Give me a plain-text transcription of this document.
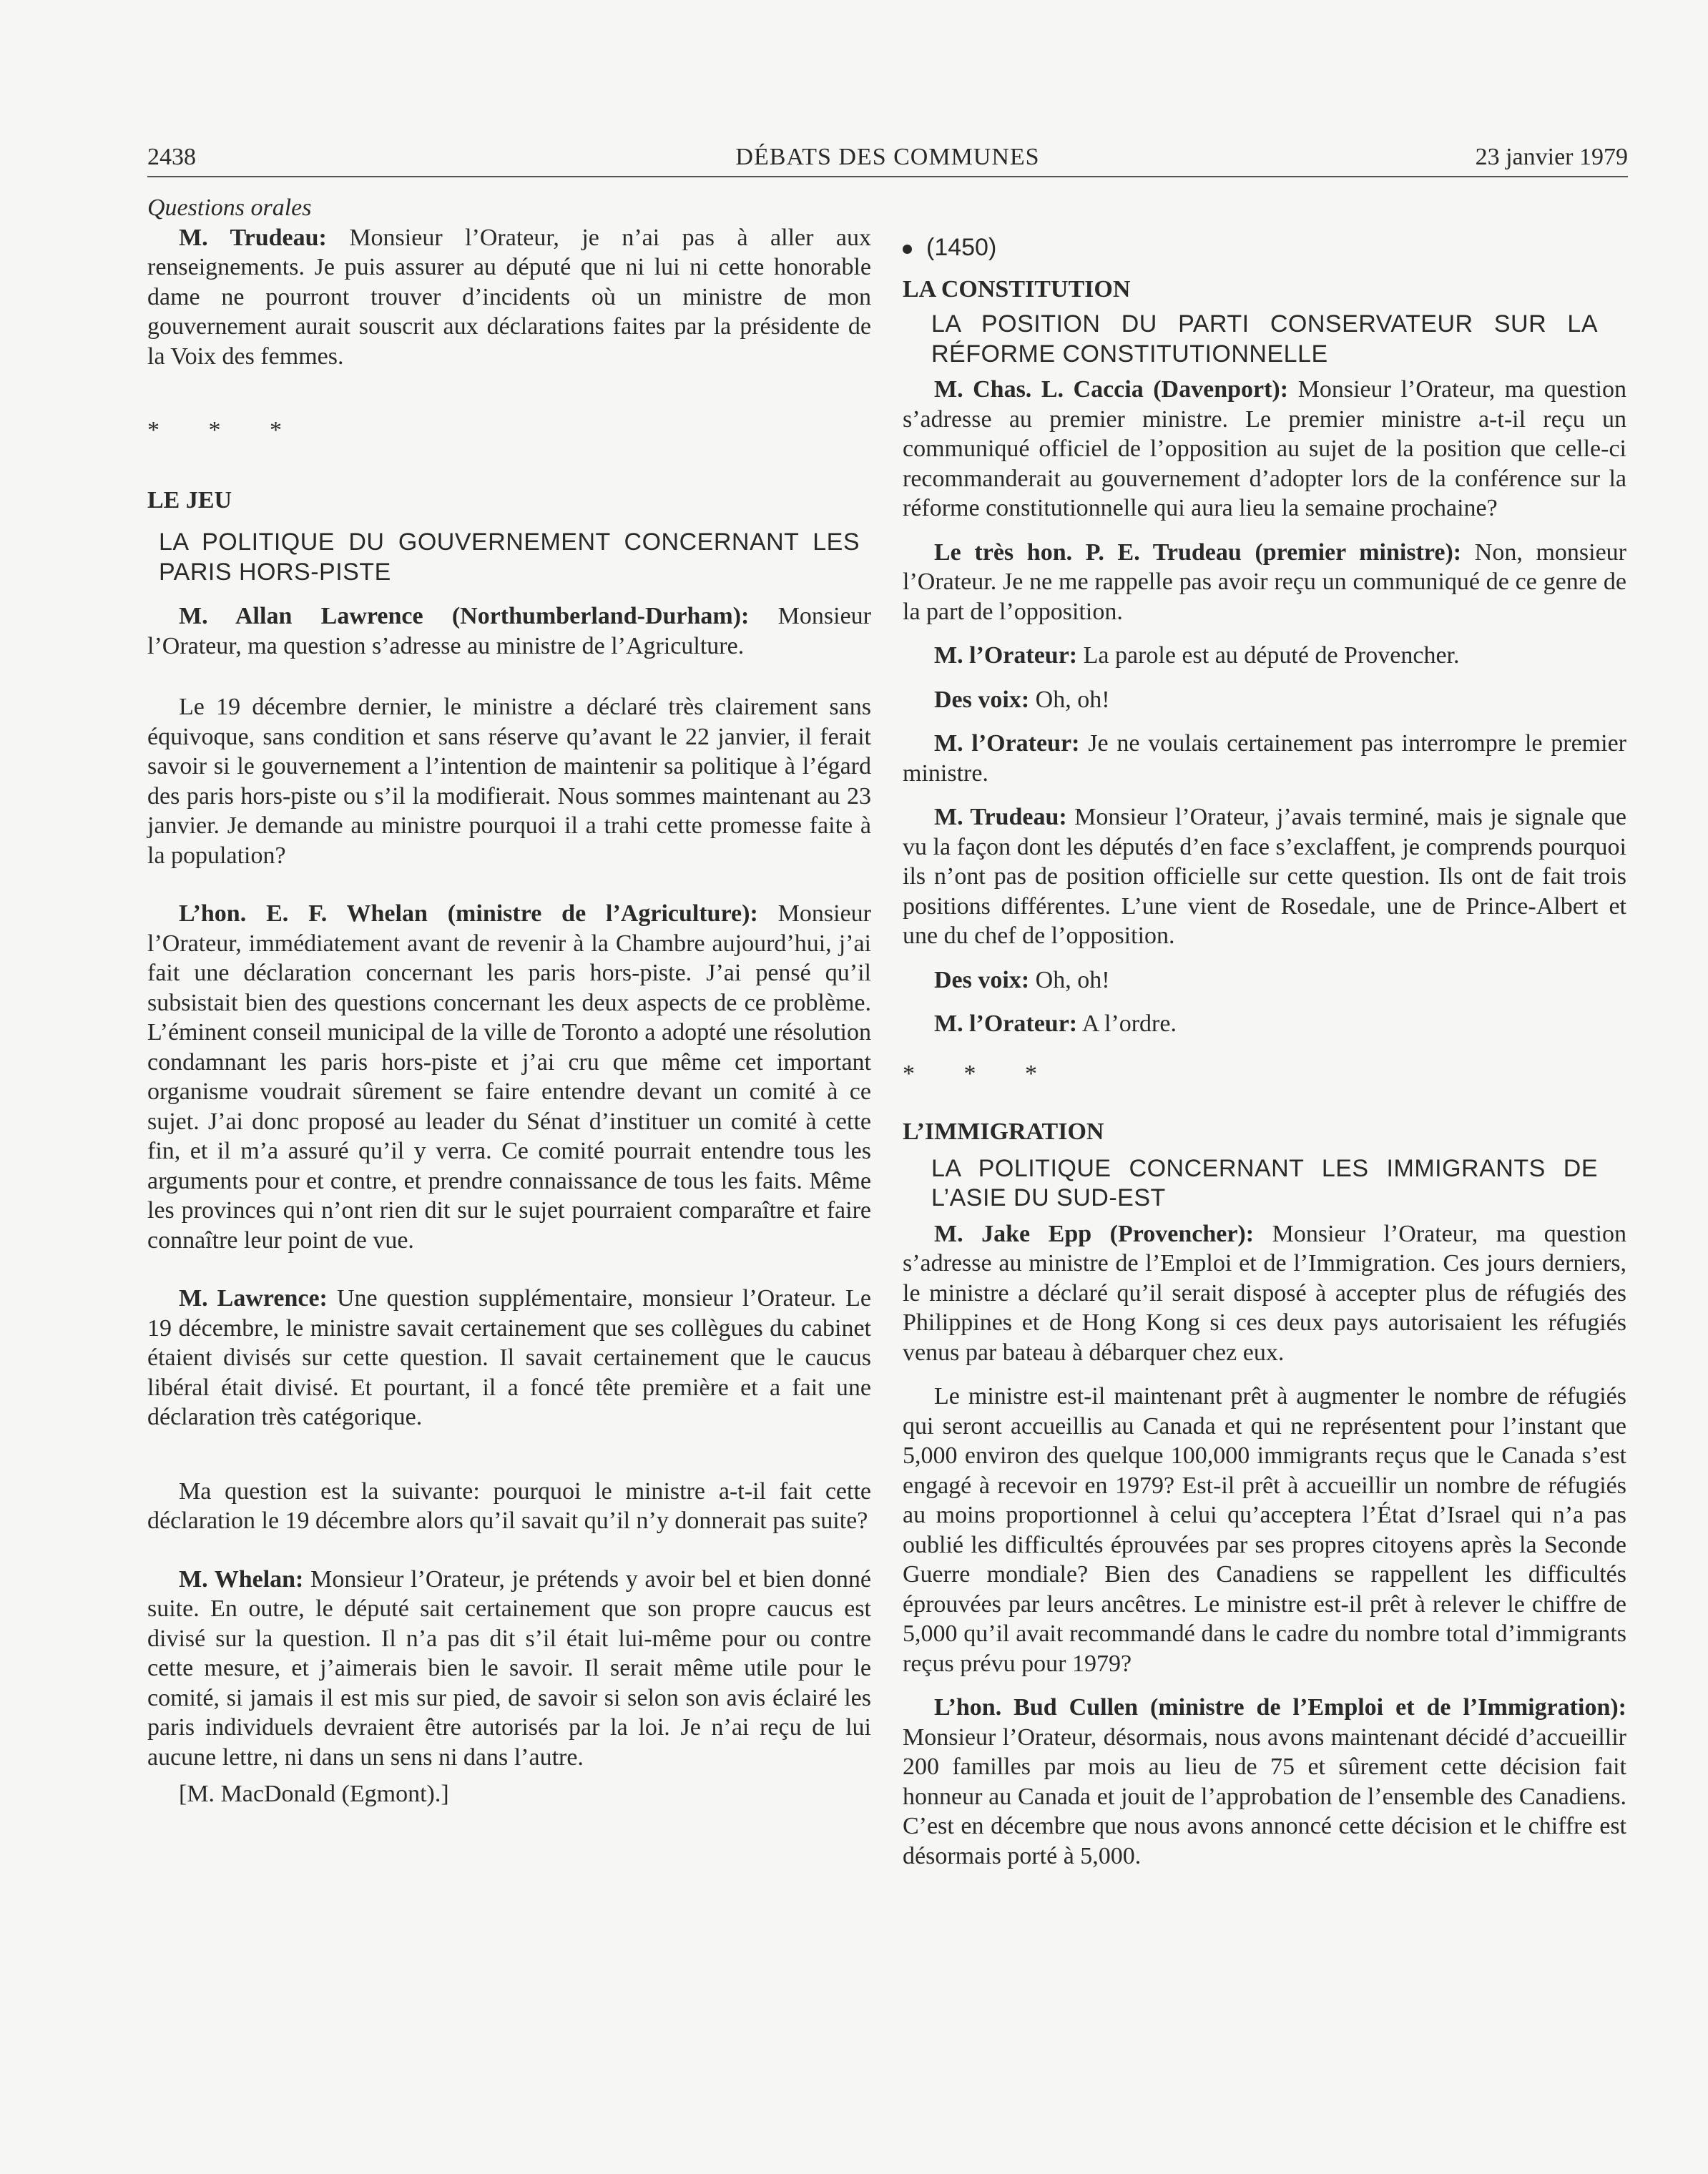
2438	DÉBATS DES COMMUNES	23 janvier 1979

Questions orales

M. Trudeau: Monsieur l’Orateur, je n’ai pas à aller aux renseignements. Je puis assurer au député que ni lui ni cette honorable dame ne pourront trouver d’incidents où un ministre de mon gouvernement aurait souscrit aux déclarations faites par la présidente de la Voix des femmes.

* * *

LE JEU

LA POLITIQUE DU GOUVERNEMENT CONCERNANT LES PARIS HORS-PISTE

M. Allan Lawrence (Northumberland-Durham): Monsieur l’Orateur, ma question s’adresse au ministre de l’Agriculture.

Le 19 décembre dernier, le ministre a déclaré très clairement sans équivoque, sans condition et sans réserve qu’avant le 22 janvier, il ferait savoir si le gouvernement a l’intention de maintenir sa politique à l’égard des paris hors-piste ou s’il la modifierait. Nous sommes maintenant au 23 janvier. Je demande au ministre pourquoi il a trahi cette promesse faite à la population?

L’hon. E. F. Whelan (ministre de l’Agriculture): Monsieur l’Orateur, immédiatement avant de revenir à la Chambre aujourd’hui, j’ai fait une déclaration concernant les paris hors-piste. J’ai pensé qu’il subsistait bien des questions concernant les deux aspects de ce problème. L’éminent conseil municipal de la ville de Toronto a adopté une résolution condamnant les paris hors-piste et j’ai cru que même cet important organisme voudrait sûrement se faire entendre devant un comité à ce sujet. J’ai donc proposé au leader du Sénat d’instituer un comité à cette fin, et il m’a assuré qu’il y verra. Ce comité pourrait entendre tous les arguments pour et contre, et prendre connaissance de tous les faits. Même les provinces qui n’ont rien dit sur le sujet pourraient comparaître et faire connaître leur point de vue.

M. Lawrence: Une question supplémentaire, monsieur l’Orateur. Le 19 décembre, le ministre savait certainement que ses collègues du cabinet étaient divisés sur cette question. Il savait certainement que le caucus libéral était divisé. Et pourtant, il a foncé tête première et a fait une déclaration très catégorique.

Ma question est la suivante: pourquoi le ministre a-t-il fait cette déclaration le 19 décembre alors qu’il savait qu’il n’y donnerait pas suite?

M. Whelan: Monsieur l’Orateur, je prétends y avoir bel et bien donné suite. En outre, le député sait certainement que son propre caucus est divisé sur la question. Il n’a pas dit s’il était lui-même pour ou contre cette mesure, et j’aimerais bien le savoir. Il serait même utile pour le comité, si jamais il est mis sur pied, de savoir si selon son avis éclairé les paris individuels devraient être autorisés par la loi. Je n’ai reçu de lui aucune lettre, ni dans un sens ni dans l’autre.

[M. MacDonald (Egmont).]

(1450)

LA CONSTITUTION

LA POSITION DU PARTI CONSERVATEUR SUR LA RÉFORME CONSTITUTIONNELLE

M. Chas. L. Caccia (Davenport): Monsieur l’Orateur, ma question s’adresse au premier ministre. Le premier ministre a-t-il reçu un communiqué officiel de l’opposition au sujet de la position que celle-ci recommanderait au gouvernement d’adopter lors de la conférence sur la réforme constitutionnelle qui aura lieu la semaine prochaine?

Le très hon. P. E. Trudeau (premier ministre): Non, monsieur l’Orateur. Je ne me rappelle pas avoir reçu un communiqué de ce genre de la part de l’opposition.

M. l’Orateur: La parole est au député de Provencher.

Des voix: Oh, oh!

M. l’Orateur: Je ne voulais certainement pas interrompre le premier ministre.

M. Trudeau: Monsieur l’Orateur, j’avais terminé, mais je signale que vu la façon dont les députés d’en face s’exclaffent, je comprends pourquoi ils n’ont pas de position officielle sur cette question. Ils ont de fait trois positions différentes. L’une vient de Rosedale, une de Prince-Albert et une du chef de l’opposition.

Des voix: Oh, oh!

M. l’Orateur: A l’ordre.

* * *

L’IMMIGRATION

LA POLITIQUE CONCERNANT LES IMMIGRANTS DE L’ASIE DU SUD-EST

M. Jake Epp (Provencher): Monsieur l’Orateur, ma question s’adresse au ministre de l’Emploi et de l’Immigration. Ces jours derniers, le ministre a déclaré qu’il serait disposé à accepter plus de réfugiés des Philippines et de Hong Kong si ces deux pays autorisaient les réfugiés venus par bateau à débarquer chez eux.

Le ministre est-il maintenant prêt à augmenter le nombre de réfugiés qui seront accueillis au Canada et qui ne représentent pour l’instant que 5,000 environ des quelque 100,000 immigrants reçus que le Canada s’est engagé à recevoir en 1979? Est-il prêt à accueillir un nombre de réfugiés au moins proportionnel à celui qu’acceptera l’État d’Israel qui n’a pas oublié les difficultés éprouvées par ses propres citoyens après la Seconde Guerre mondiale? Bien des Canadiens se rappellent les difficultés éprouvées par leurs ancêtres. Le ministre est-il prêt à relever le chiffre de 5,000 qu’il avait recommandé dans le cadre du nombre total d’immigrants reçus prévu pour 1979?

L’hon. Bud Cullen (ministre de l’Emploi et de l’Immigration): Monsieur l’Orateur, désormais, nous avons maintenant décidé d’accueillir 200 familles par mois au lieu de 75 et sûrement cette décision fait honneur au Canada et jouit de l’approbation de l’ensemble des Canadiens. C’est en décembre que nous avons annoncé cette décision et le chiffre est désormais porté à 5,000.
